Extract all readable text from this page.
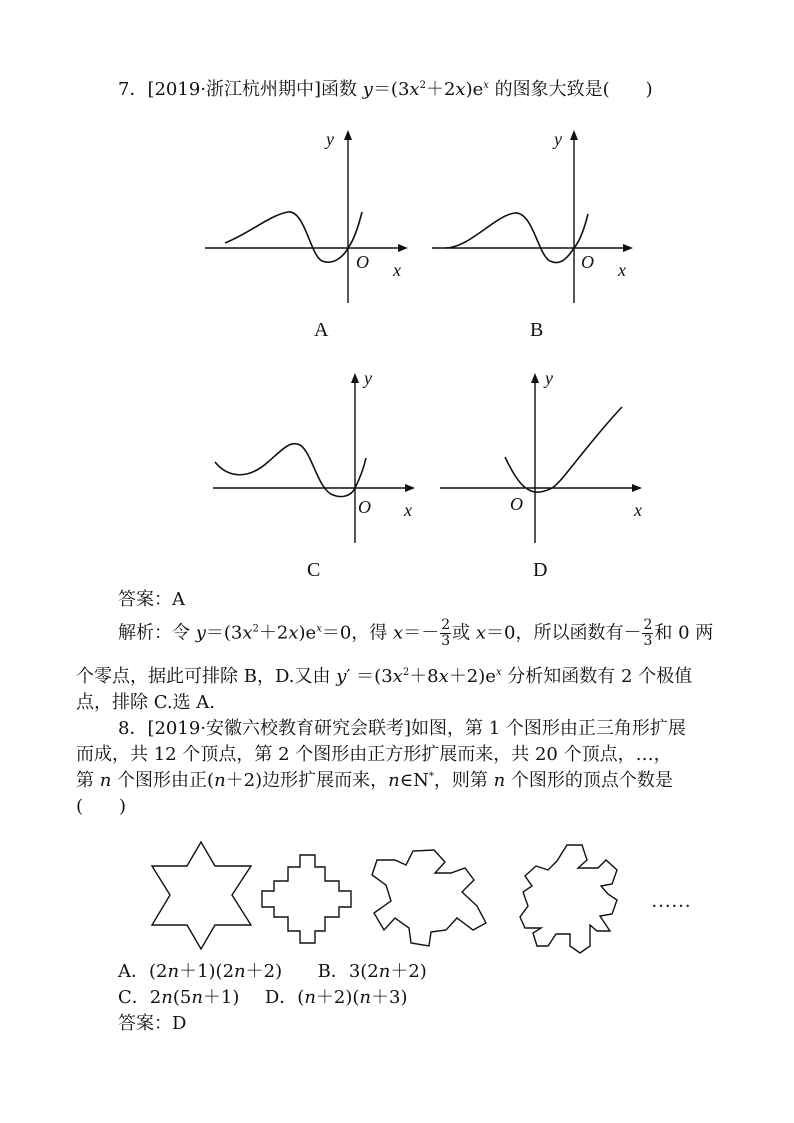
7．[2019·浙江杭州期中]函数 $y=(3x^2+2x)e^x$ 的图象大致是(　　)
y
x
O
A
y
x
O
B
y
x
O
C
y
x
O
D
答案：A
解析：令 $y=(3x^2+2x)e^x=0$，得 $x=- \frac{2}{3}$ 或 x＝0，所以函数有－ $\frac{2}{3}$ 和 0 两
个零点，据此可排除 B，D.又由 $y' =(3x^2+8x+2)e^x$ 分析知函数有 2 个极值
点，排除 C.选 A.
8．[2019·安徽六校教育研究会联考]如图，第 1 个图形由正三角形扩展
而成，共 12 个顶点，第 2 个图形由正方形扩展而来，共 20 个顶点，…，
第 n 个图形由正(n＋2)边形扩展而来，n∈N*，则第 n 个图形的顶点个数是
(　　)
……
A．(2n＋1)(2n＋2) B．3(2n＋2)
C．2n(5n＋1) D．(n＋2)(n＋3)
答案：D
